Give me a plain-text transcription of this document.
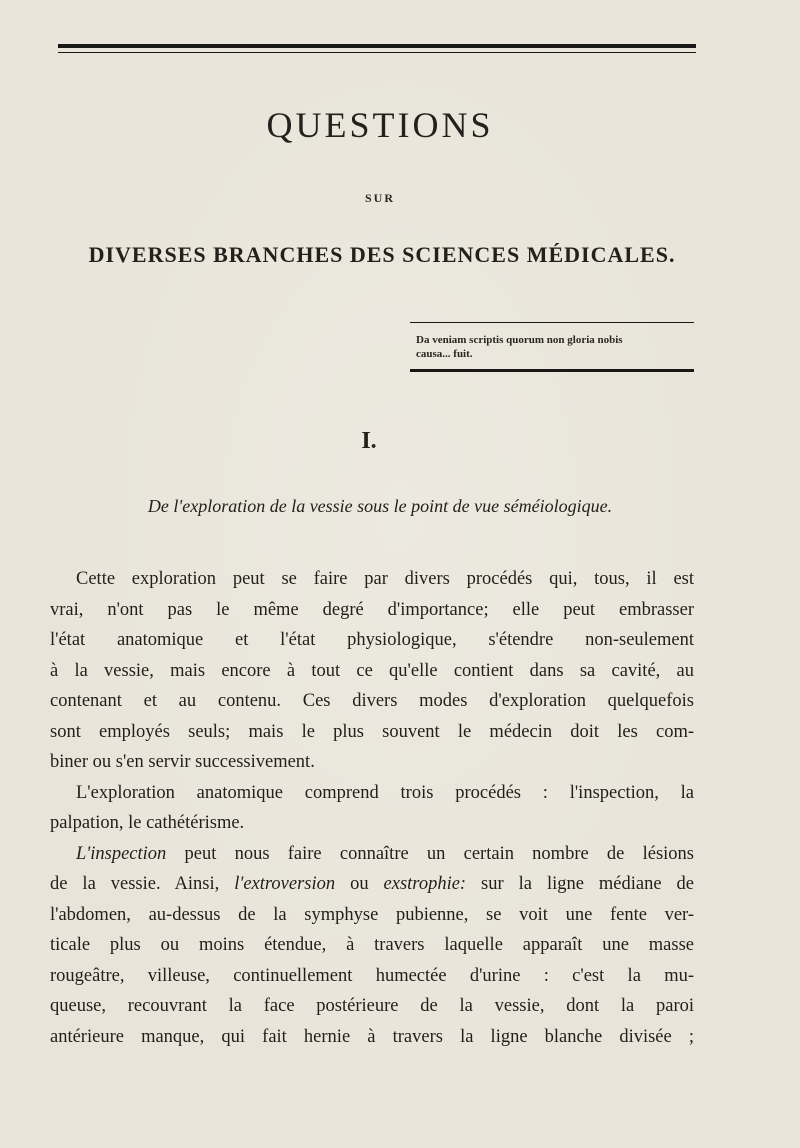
QUESTIONS
SUR
DIVERSES BRANCHES DES SCIENCES MÉDICALES.
Da veniam scriptis quorum non gloria nobis
causa... fuit.
I.
De l'exploration de la vessie sous le point de vue séméiologique.
Cette exploration peut se faire par divers procédés qui, tous, il est
vrai, n'ont pas le même degré d'importance; elle peut embrasser
l'état anatomique et l'état physiologique, s'étendre non-seulement
à la vessie, mais encore à tout ce qu'elle contient dans sa cavité, au
contenant et au contenu. Ces divers modes d'exploration quelquefois
sont employés seuls; mais le plus souvent le médecin doit les com-
biner ou s'en servir successivement.
L'exploration anatomique comprend trois procédés : l'inspection, la
palpation, le cathétérisme.
L'inspection peut nous faire connaître un certain nombre de lésions
de la vessie. Ainsi, l'extroversion ou exstrophie: sur la ligne médiane de
l'abdomen, au-dessus de la symphyse pubienne, se voit une fente ver-
ticale plus ou moins étendue, à travers laquelle apparaît une masse
rougeâtre, villeuse, continuellement humectée d'urine : c'est la mu-
queuse, recouvrant la face postérieure de la vessie, dont la paroi
antérieure manque, qui fait hernie à travers la ligne blanche divisée ;
